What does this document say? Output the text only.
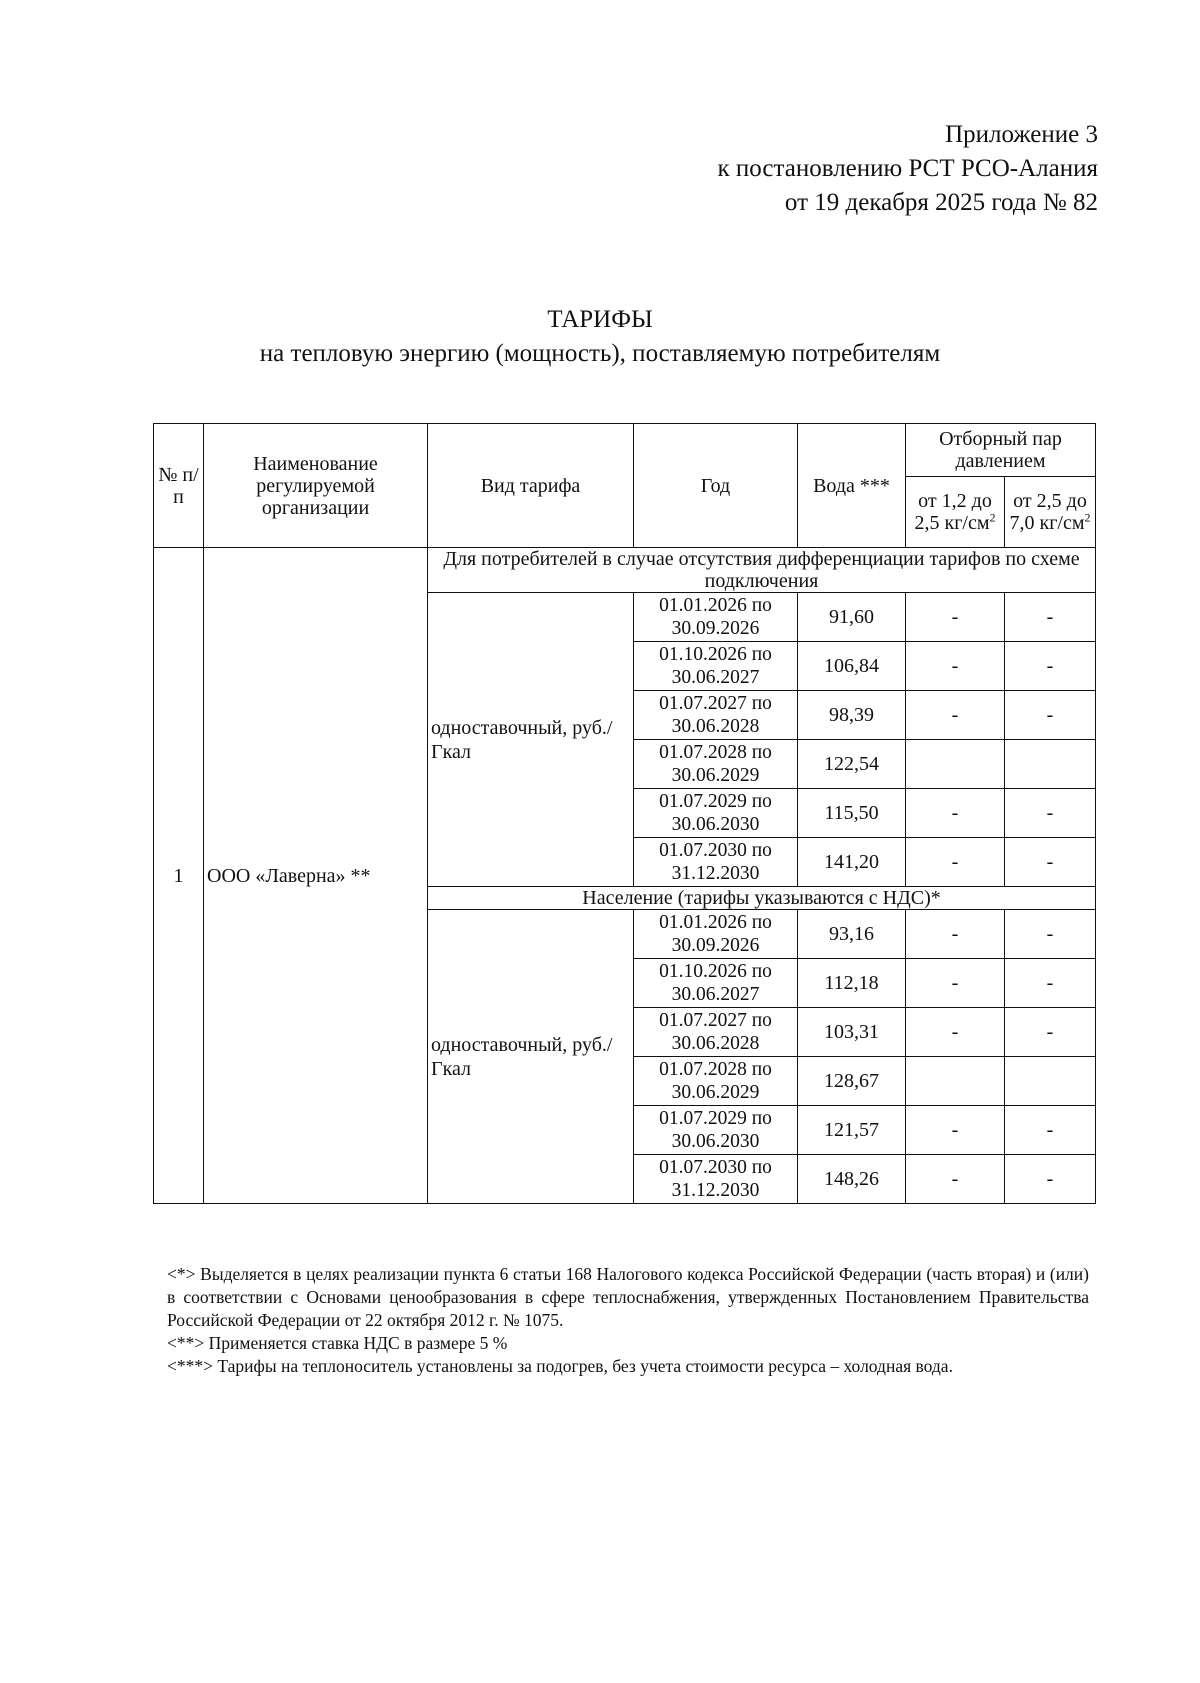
Приложение 3
к постановлению РСТ РСО-Алания
от 19 декабря 2025 года № 82
ТАРИФЫ
на тепловую энергию (мощность), поставляемую потребителям
№ п/п	Наименование регулируемой организации	Вид тарифа	Год	Вода ***	Отборный пар давлением	
					от 1,2 до 2,5 $кг/см^2$	от 2,5 до 7,0 $кг/см^2$
1	ООО «Лаверна» **	Для потребителей в случае отсутствия дифференциации тарифов по схеме подключения				
		одноставочный, руб./Гкал	01.01.2026 по 30.09.2026	91,60	-	-
			01.10.2026 по 30.06.2027	106,84	-	-
			01.07.2027 по 30.06.2028	98,39	-	-
			01.07.2028 по 30.06.2029	122,54		
			01.07.2029 по 30.06.2030	115,50	-	-
			01.07.2030 по 31.12.2030	141,20	-	-
		Население (тарифы указываются с НДС)*				
		одноставочный, руб./Гкал	01.01.2026 по 30.09.2026	93,16	-	-
			01.10.2026 по 30.06.2027	112,18	-	-
			01.07.2027 по 30.06.2028	103,31	-	-
			01.07.2028 по 30.06.2029	128,67		
			01.07.2029 по 30.06.2030	121,57	-	-
			01.07.2030 по 31.12.2030	148,26	-	-

<*> Выделяется в целях реализации пункта 6 статьи 168 Налогового кодекса Российской Федерации (часть вторая) и (или) в соответствии с Основами ценообразования в сфере теплоснабжения, утвержденных Постановлением Правительства Российской Федерации от 22 октября 2012 г. № 1075.

<**> Применяется ставка НДС в размере 5 %

<***> Тарифы на теплоноситель установлены за подогрев, без учета стоимости ресурса – холодная вода.
